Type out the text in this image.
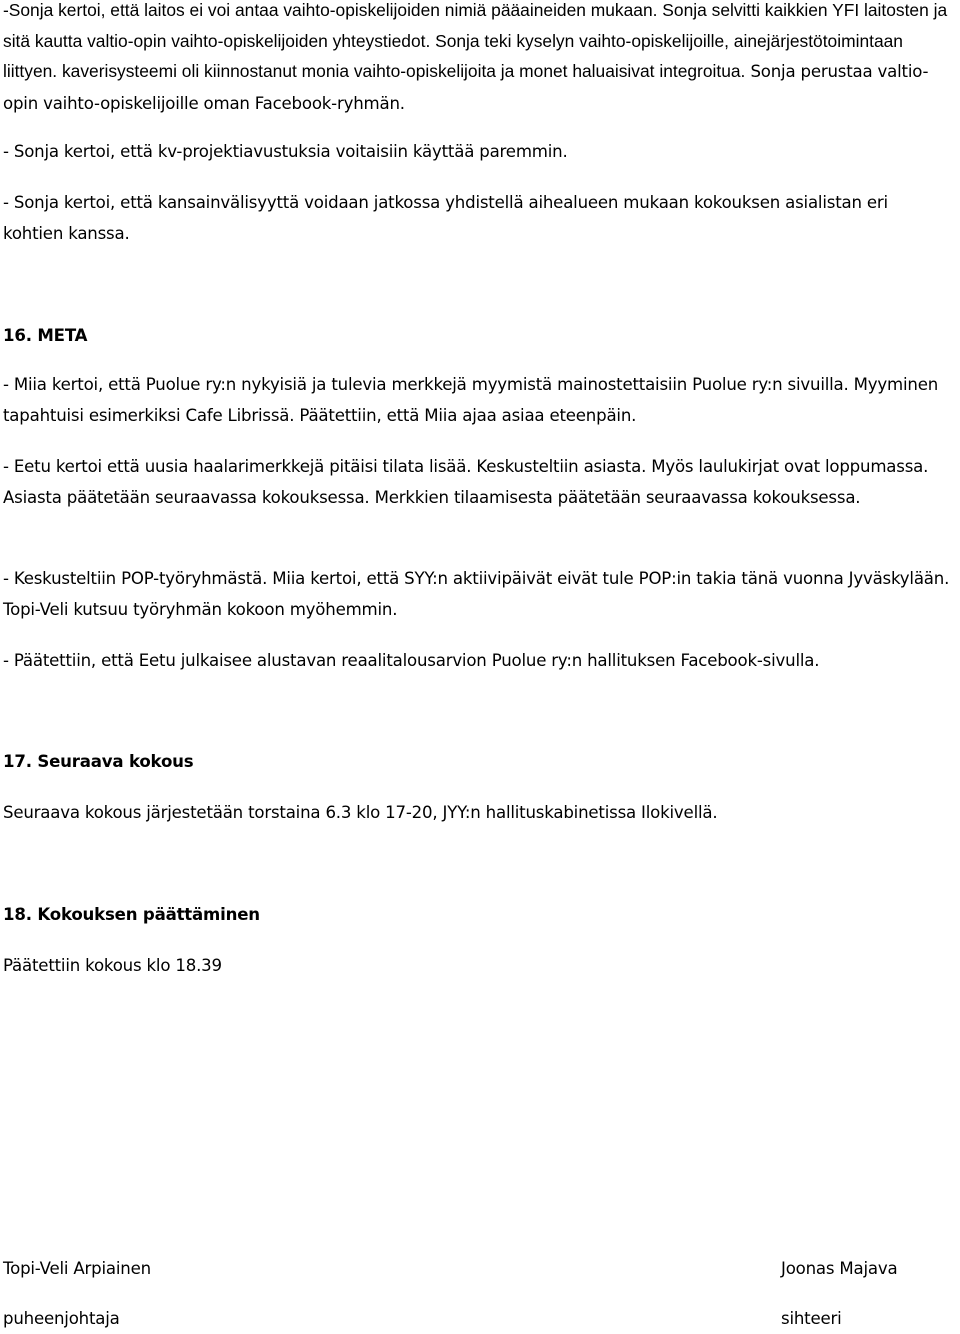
-Sonja kertoi, että laitos ei voi antaa vaihto-opiskelijoiden nimiä pääaineiden mukaan. Sonja selvitti kaikkien YFI laitosten ja sitä kautta valtio-opin vaihto-opiskelijoiden yhteystiedot. Sonja teki kyselyn vaihto-opiskelijoille, ainejärjestötoimintaan liittyen. kaverisysteemi oli kiinnostanut monia vaihto-opiskelijoita ja monet haluaisivat integroitua. Sonja perustaa valtio-opin vaihto-opiskelijoille oman Facebook-ryhmän.

- Sonja kertoi, että kv-projektiavustuksia voitaisiin käyttää paremmin.

- Sonja kertoi, että kansainvälisyyttä voidaan jatkossa yhdistellä aihealueen mukaan kokouksen asialistan eri kohtien kanssa.

16. META

- Miia kertoi, että Puolue ry:n nykyisiä ja tulevia merkkejä myymistä mainostettaisiin Puolue ry:n sivuilla. Myyminen tapahtuisi esimerkiksi Cafe Librissä. Päätettiin, että Miia ajaa asiaa eteenpäin.

- Eetu kertoi että uusia haalarimerkkejä pitäisi tilata lisää. Keskusteltiin asiasta. Myös laulukirjat ovat loppumassa. Asiasta päätetään seuraavassa kokouksessa. Merkkien tilaamisesta päätetään seuraavassa kokouksessa.

- Keskusteltiin POP-työryhmästä. Miia kertoi, että SYY:n aktiivipäivät eivät tule POP:in takia tänä vuonna Jyväskylään. Topi-Veli kutsuu työryhmän kokoon myöhemmin.

- Päätettiin, että Eetu julkaisee alustavan reaalitalousarvion Puolue ry:n hallituksen Facebook-sivulla.

17. Seuraava kokous

Seuraava kokous järjestetään torstaina 6.3 klo 17-20, JYY:n hallituskabinetissa Ilokivellä.

18. Kokouksen päättäminen

Päätettiin kokous klo 18.39

Topi-Veli Arpiainen

puheenjohtaja

Joonas Majava

sihteeri
